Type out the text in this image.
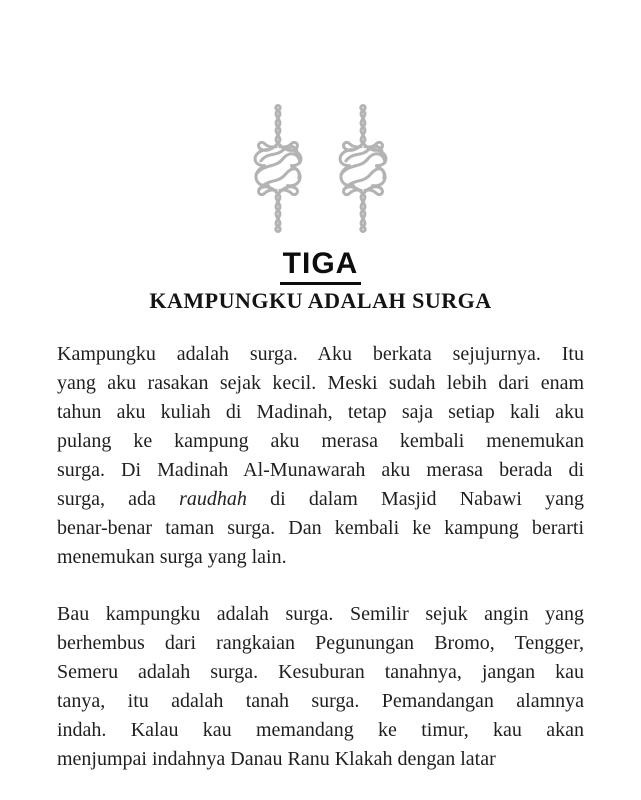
TIGA
KAMPUNGKU ADALAH SURGA
Kampungku adalah surga. Aku berkata sejujurnya. Itu
yang aku rasakan sejak kecil. Meski sudah lebih dari enam
tahun aku kuliah di Madinah, tetap saja setiap kali aku
pulang ke kampung aku merasa kembali menemukan
surga. Di Madinah Al-Munawarah aku merasa berada di
surga, ada raudhah di dalam Masjid Nabawi yang
benar-benar taman surga. Dan kembali ke kampung berarti
menemukan surga yang lain.
Bau kampungku adalah surga. Semilir sejuk angin yang
berhembus dari rangkaian Pegunungan Bromo, Tengger,
Semeru adalah surga. Kesuburan tanahnya, jangan kau
tanya, itu adalah tanah surga. Pemandangan alamnya
indah. Kalau kau memandang ke timur, kau akan
menjumpai indahnya Danau Ranu Klakah dengan latar
